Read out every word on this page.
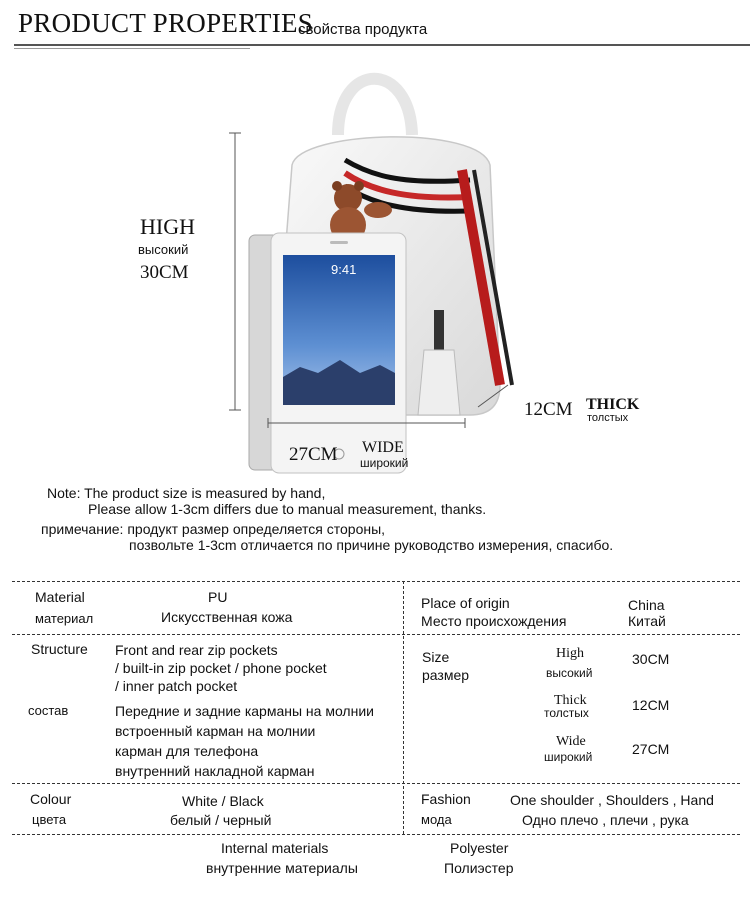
PRODUCT PROPERTIES
свойства продукта
9:41
HIGH
высокий
30CM
27CM WIDE
широкий
12CM THICK
толстых
Note: The product size is measured by hand,
Please allow 1-3cm differs due to manual measurement, thanks.
примечание: продукт размер определяется стороны,
позвольте 1-3cm отличается по причине руководство измерения, спасибо.
Material
материал
PU
Искусственная кожа
Place of origin
Место происхождения
China
Китай
Structure
состав
Front and rear zip pockets
/ built-in zip pocket / phone pocket
/ inner patch pocket
Передние и задние карманы на молнии
встроенный карман на молнии
карман для телефона
внутренний накладной карман
Size
размер
High
высокий
30CM
Thick
толстых	12CM
Wide
широкий	27CM
Colour
цвета
White / Black
белый / черный
Fashion
мода
One shoulder , Shoulders , Hand
Одно плечо , плечи , рука
Internal materials
внутренние материалы
Polyester
Полиэстер
